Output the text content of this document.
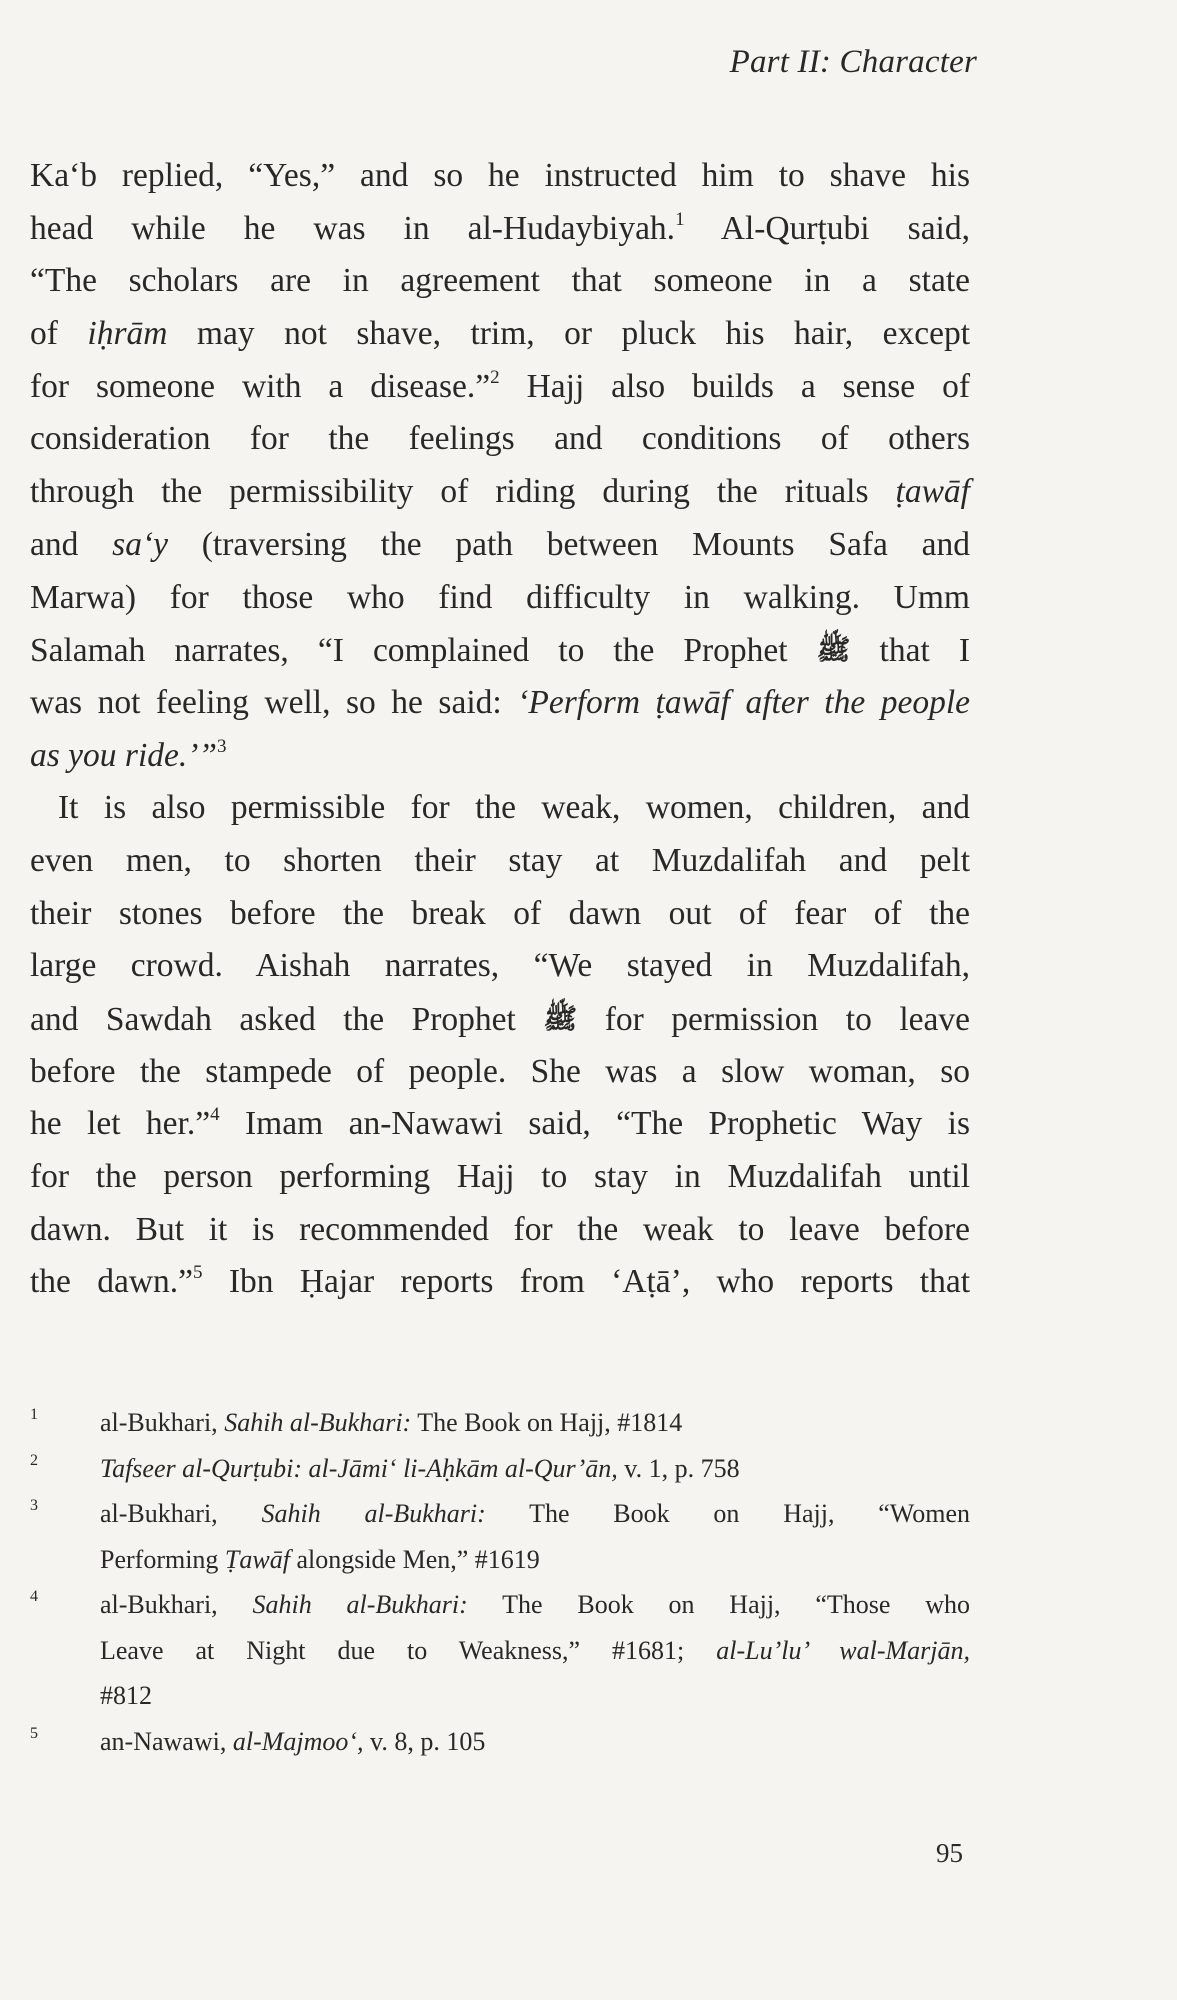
Part II: Character
Ka‘b replied, “Yes,” and so he instructed him to shave his
head while he was in al-Hudaybiyah.$^1$ Al-Qurṭubi said,
“The scholars are in agreement that someone in a state
of iḥrām may not shave, trim, or pluck his hair, except
for someone with a disease.”$^2$ Hajj also builds a sense of
consideration for the feelings and conditions of others
through the permissibility of riding during the rituals ṭawāf
and sa‘y (traversing the path between Mounts Safa and
Marwa) for those who find difficulty in walking. Umm
Salamah narrates, “I complained to the Prophet ﷺ that I
was not feeling well, so he said: ‘Perform ṭawāf after the people
as you ride.’”$^3$
It is also permissible for the weak, women, children, and
even men, to shorten their stay at Muzdalifah and pelt
their stones before the break of dawn out of fear of the
large crowd. Aishah narrates, “We stayed in Muzdalifah,
and Sawdah asked the Prophet ﷺ for permission to leave
before the stampede of people. She was a slow woman, so
he let her.”$^4$ Imam an-Nawawi said, “The Prophetic Way is
for the person performing Hajj to stay in Muzdalifah until
dawn. But it is recommended for the weak to leave before
the dawn.”$^5$ Ibn Ḥajar reports from ‘Aṭā’, who reports that
1 al-Bukhari, Sahih al-Bukhari: The Book on Hajj, #1814
2 Tafseer al-Qurṭubi: al-Jāmi‘ li-Aḥkām al-Qur’ān, v. 1, p. 758
3 al-Bukhari, Sahih al-Bukhari: The Book on Hajj, “Women
Performing Ṭawāf alongside Men,” #1619
4 al-Bukhari, Sahih al-Bukhari: The Book on Hajj, “Those who
Leave at Night due to Weakness,” #1681; al-Lu’lu’ wal-Marjān,
#812
5 an-Nawawi, al-Majmoo‘, v. 8, p. 105
95
